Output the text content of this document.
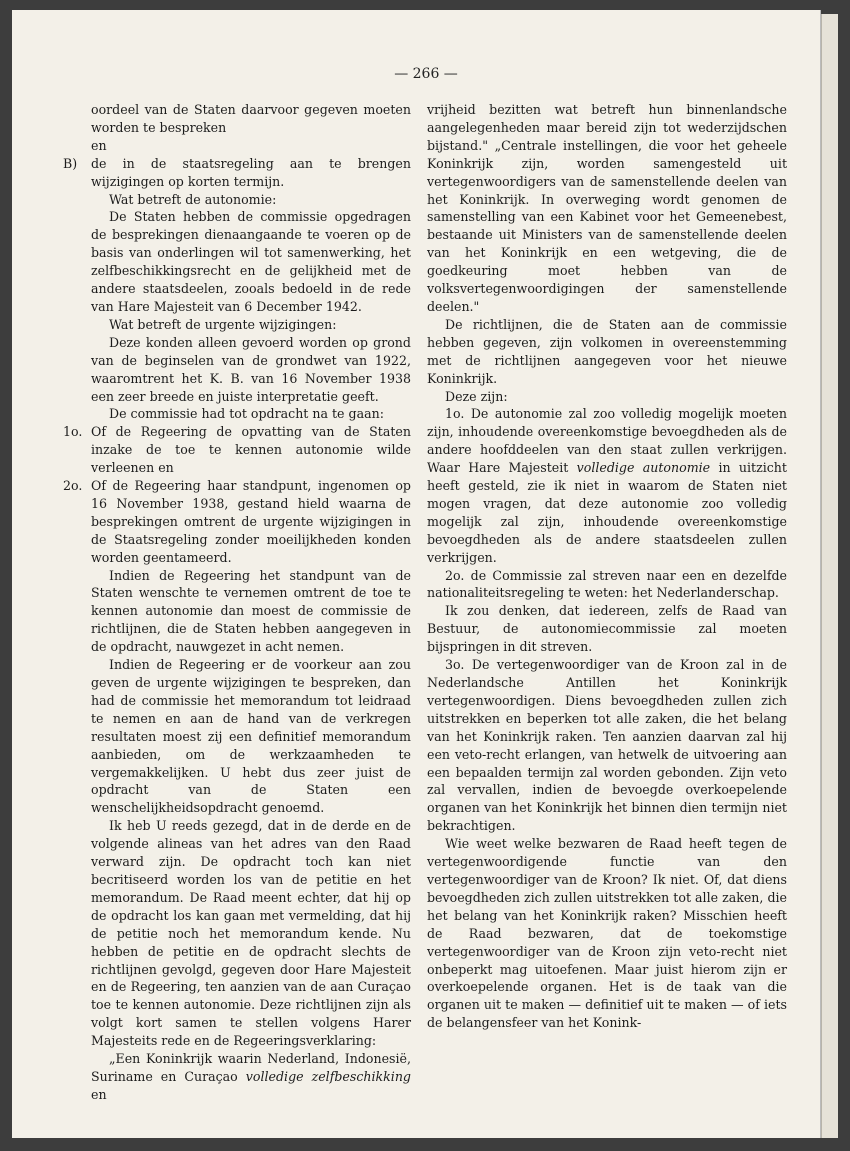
— 266 —

oordeel van de Staten daarvoor gegeven moeten worden te bespreken

en

B)	de in de staatsregeling aan te brengen wijzigingen op korten termijn.

Wat betreft de autonomie:

De Staten hebben de commissie opgedragen de besprekingen dienaangaande te voeren op de basis van onderlingen wil tot samenwerking, het zelfbeschikkingsrecht en de gelijkheid met de andere staatsdeelen, zooals bedoeld in de rede van Hare Majesteit van 6 December 1942.

Wat betreft de urgente wijzigingen:

Deze konden alleen gevoerd worden op grond van de beginselen van de grondwet van 1922, waaromtrent het K. B. van 16 November 1938 een zeer breede en juiste interpretatie geeft.

De commissie had tot opdracht na te gaan:

1o. Of de Regeering de opvatting van de Staten inzake de toe te kennen autonomie wilde verleenen en
2o. Of de Regeering haar standpunt, ingenomen op 16 November 1938, gestand hield waarna de besprekingen omtrent de urgente wijzigingen in de Staatsregeling zonder moeilijkheden konden worden geentameerd.

Indien de Regeering het standpunt van de Staten wenschte te vernemen omtrent de toe te kennen autonomie dan moest de commissie de richtlijnen, die de Staten hebben aangegeven in de opdracht, nauwgezet in acht nemen.

Indien de Regeering er de voorkeur aan zou geven de urgente wijzigingen te bespreken, dan had de commissie het memorandum tot leidraad te nemen en aan de hand van de verkregen resultaten moest zij een definitief memorandum aanbieden, om de werkzaamheden te vergemakkelijken. U hebt dus zeer juist de opdracht van de Staten een wenschelijkheidsopdracht genoemd.

Ik heb U reeds gezegd, dat in de derde en de volgende alineas van het adres van den Raad verward zijn. De opdracht toch kan niet becritiseerd worden los van de petitie en het memorandum. De Raad meent echter, dat hij op de opdracht los kan gaan met vermelding, dat hij de petitie noch het memorandum kende. Nu hebben de petitie en de opdracht slechts de richtlijnen gevolgd, gegeven door Hare Majesteit en de Regeering, ten aanzien van de aan Curaçao toe te kennen autonomie. Deze richtlijnen zijn als volgt kort samen te stellen volgens Harer Majesteits rede en de Regeeringsverklaring:

„Een Koninkrijk waarin Nederland, Indonesië, Suriname en Curaçao volledige zelfbeschikking en

vrijheid bezitten wat betreft hun binnenlandsche aangelegenheden maar bereid zijn tot wederzijdschen bijstand." „Centrale instellingen, die voor het geheele Koninkrijk zijn, worden samengesteld uit vertegenwoordigers van de samenstellende deelen van het Koninkrijk. In overweging wordt genomen de samenstelling van een Kabinet voor het Gemeenebest, bestaande uit Ministers van de samenstellende deelen van het Koninkrijk en een wetgeving, die de goedkeuring moet hebben van de volksvertegenwoordigingen der samenstellende deelen."

De richtlijnen, die de Staten aan de commissie hebben gegeven, zijn volkomen in overeenstemming met de richtlijnen aangegeven voor het nieuwe Koninkrijk.

Deze zijn:

1o. De autonomie zal zoo volledig mogelijk moeten zijn, inhoudende overeenkomstige bevoegdheden als de andere hoofddeelen van den staat zullen verkrijgen. Waar Hare Majesteit volledige autonomie in uitzicht heeft gesteld, zie ik niet in waarom de Staten niet mogen vragen, dat deze autonomie zoo volledig mogelijk zal zijn, inhoudende overeenkomstige bevoegdheden als de andere staatsdeelen zullen verkrijgen.

2o. de Commissie zal streven naar een en dezelfde nationaliteitsregeling te weten: het Nederlanderschap.

Ik zou denken, dat iedereen, zelfs de Raad van Bestuur, de autonomiecommissie zal moeten bijspringen in dit streven.

3o. De vertegenwoordiger van de Kroon zal in de Nederlandsche Antillen het Koninkrijk vertegenwoordigen. Diens bevoegdheden zullen zich uitstrekken en beperken tot alle zaken, die het belang van het Koninkrijk raken. Ten aanzien daarvan zal hij een veto-recht erlangen, van hetwelk de uitvoering aan een bepaalden termijn zal worden gebonden. Zijn veto zal vervallen, indien de bevoegde overkoepelende organen van het Koninkrijk het binnen dien termijn niet bekrachtigen.

Wie weet welke bezwaren de Raad heeft tegen de vertegenwoordigende functie van den vertegenwoordiger van de Kroon? Ik niet. Of, dat diens bevoegdheden zich zullen uitstrekken tot alle zaken, die het belang van het Koninkrijk raken? Misschien heeft de Raad bezwaren, dat de toekomstige vertegenwoordiger van de Kroon zijn veto-recht niet onbeperkt mag uitoefenen. Maar juist hierom zijn er overkoepelende organen. Het is de taak van die organen uit te maken — definitief uit te maken — of iets de belangensfeer van het Konink-
